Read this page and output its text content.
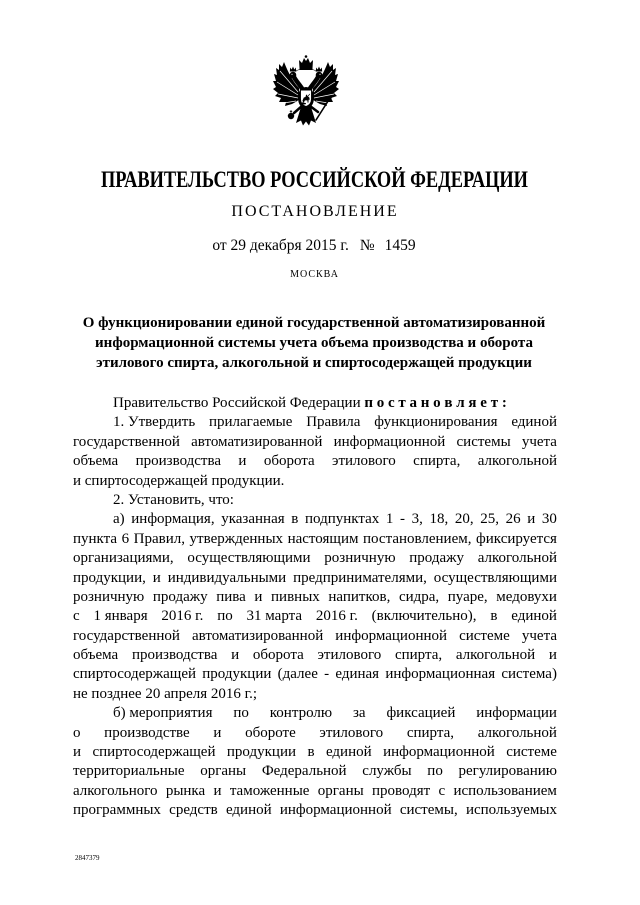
ПРАВИТЕЛЬСТВО РОССИЙСКОЙ ФЕДЕРАЦИИ
ПОСТАНОВЛЕНИЕ
от 29 декабря 2015 г. № 1459
МОСКВА
О функционировании единой государственной автоматизированной
информационной системы учета объема производства и оборота
этилового спирта, алкогольной и спиртосодержащей продукции
Правительство Российской Федерации п о с т а н о в л я е т :
1. Утвердить прилагаемые Правила функционирования единой
государственной автоматизированной информационной системы учета
объема производства и оборота этилового спирта, алкогольной
и спиртосодержащей продукции.
2. Установить, что:
а) информация, указанная в подпунктах 1 - 3, 18, 20, 25, 26 и 30
пункта 6 Правил, утвержденных настоящим постановлением, фиксируется
организациями, осуществляющими розничную продажу алкогольной
продукции, и индивидуальными предпринимателями, осуществляющими
розничную продажу пива и пивных напитков, сидра, пуаре, медовухи
с 1 января 2016 г. по 31 марта 2016 г. (включительно), в единой
государственной автоматизированной информационной системе учета
объема производства и оборота этилового спирта, алкогольной и
спиртосодержащей продукции (далее - единая информационная система)
не позднее 20 апреля 2016 г.;
б) мероприятия по контролю за фиксацией информации
о производстве и обороте этилового спирта, алкогольной
и спиртосодержащей продукции в единой информационной системе
территориальные органы Федеральной службы по регулированию
алкогольного рынка и таможенные органы проводят с использованием
программных средств единой информационной системы, используемых
2847379
